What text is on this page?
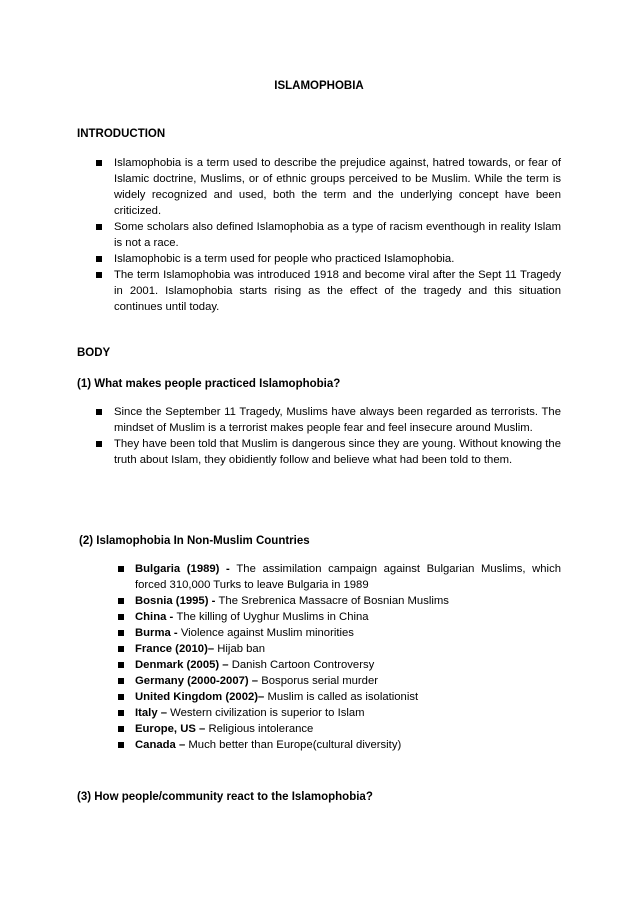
ISLAMOPHOBIA
INTRODUCTION
Islamophobia is a term used to describe the prejudice against, hatred towards, or fear of Islamic doctrine, Muslims, or of ethnic groups perceived to be Muslim. While the term is widely recognized and used, both the term and the underlying concept have been criticized.
Some scholars also defined Islamophobia as a type of racism eventhough in reality Islam is not a race.
Islamophobic is a term used for people who practiced Islamophobia.
The term Islamophobia was introduced 1918 and become viral after the Sept 11 Tragedy in 2001. Islamophobia starts rising as the effect of the tragedy and this situation continues until today.
BODY
(1) What makes people practiced Islamophobia?
Since the September 11 Tragedy, Muslims have always been regarded as terrorists. The mindset of Muslim is a terrorist makes people fear and feel insecure around Muslim.
They have been told that Muslim is dangerous since they are young. Without knowing the truth about Islam, they obidiently follow and believe what had been told to them.
(2) Islamophobia In Non-Muslim Countries
Bulgaria (1989) - The assimilation campaign against Bulgarian Muslims, which forced 310,000 Turks to leave Bulgaria in 1989
Bosnia (1995) - The Srebrenica Massacre of Bosnian Muslims
China - The killing of Uyghur Muslims in China
Burma - Violence against Muslim minorities
France (2010)– Hijab ban
Denmark (2005) – Danish Cartoon Controversy
Germany (2000-2007) – Bosporus serial murder
United Kingdom (2002)– Muslim is called as isolationist
Italy – Western civilization is superior to Islam
Europe, US – Religious intolerance
Canada – Much better than Europe(cultural diversity)
(3) How people/community react to the Islamophobia?
